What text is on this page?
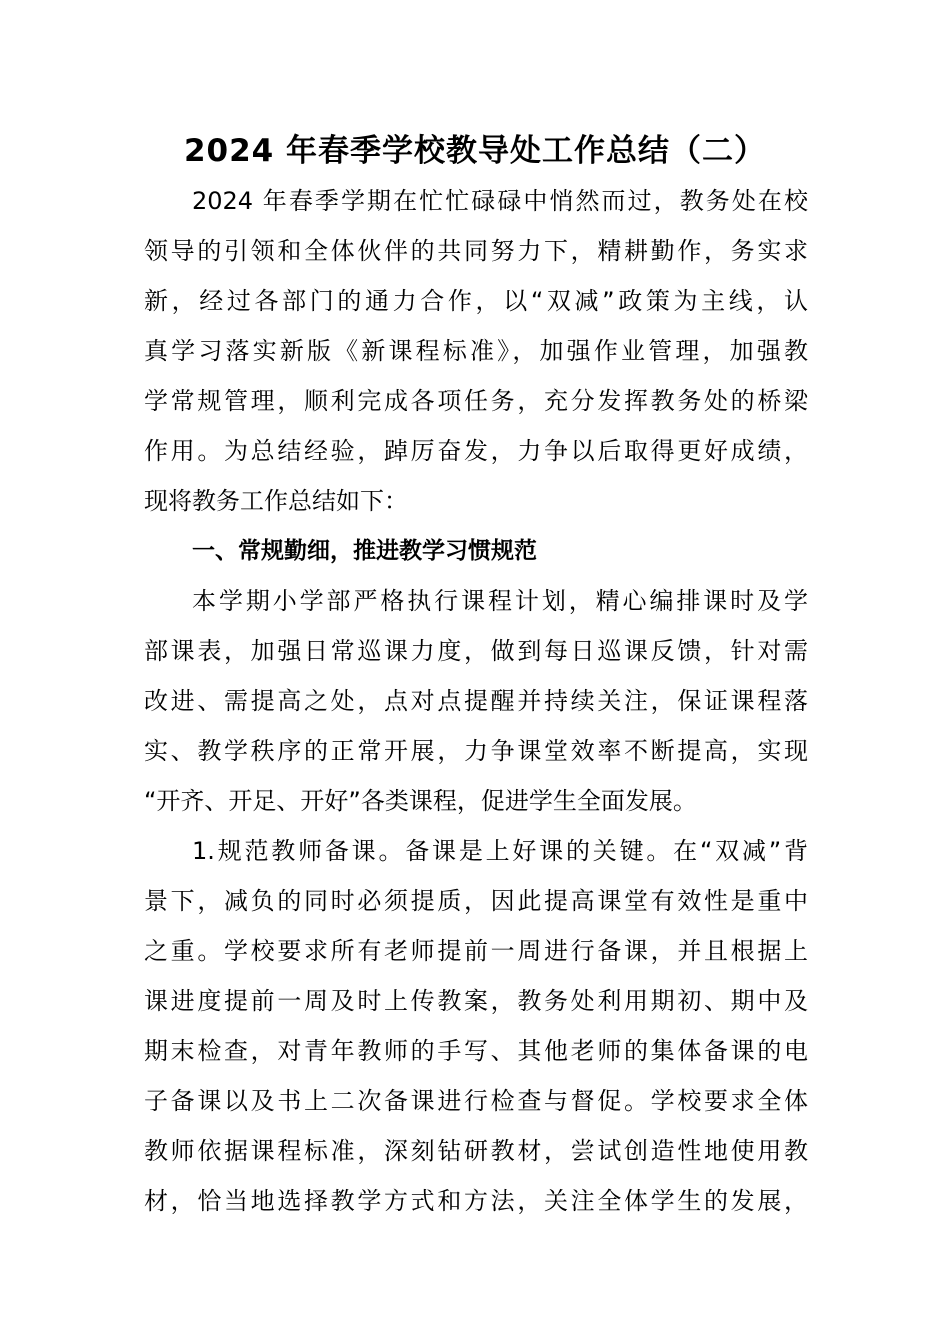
2024 年春季学校教导处工作总结（二）
2024 年春季学期在忙忙碌碌中悄然而过，教务处在校
领导的引领和全体伙伴的共同努力下，精耕勤作，务实求
新，经过各部门的通力合作，以“双减”政策为主线，认
真学习落实新版《新课程标准》，加强作业管理，加强教
学常规管理，顺利完成各项任务，充分发挥教务处的桥梁
作用。为总结经验，踔厉奋发，力争以后取得更好成绩，
现将教务工作总结如下：
一、常规勤细，推进教学习惯规范
本学期小学部严格执行课程计划，精心编排课时及学
部课表，加强日常巡课力度，做到每日巡课反馈，针对需
改进、需提高之处，点对点提醒并持续关注，保证课程落
实、教学秩序的正常开展，力争课堂效率不断提高，实现
“开齐、开足、开好”各类课程，促进学生全面发展。
1.规范教师备课。备课是上好课的关键。在“双减”背
景下，减负的同时必须提质，因此提高课堂有效性是重中
之重。学校要求所有老师提前一周进行备课，并且根据上
课进度提前一周及时上传教案，教务处利用期初、期中及
期末检查，对青年教师的手写、其他老师的集体备课的电
子备课以及书上二次备课进行检查与督促。学校要求全体
教师依据课程标准，深刻钻研教材，尝试创造性地使用教
材，恰当地选择教学方式和方法，关注全体学生的发展，
